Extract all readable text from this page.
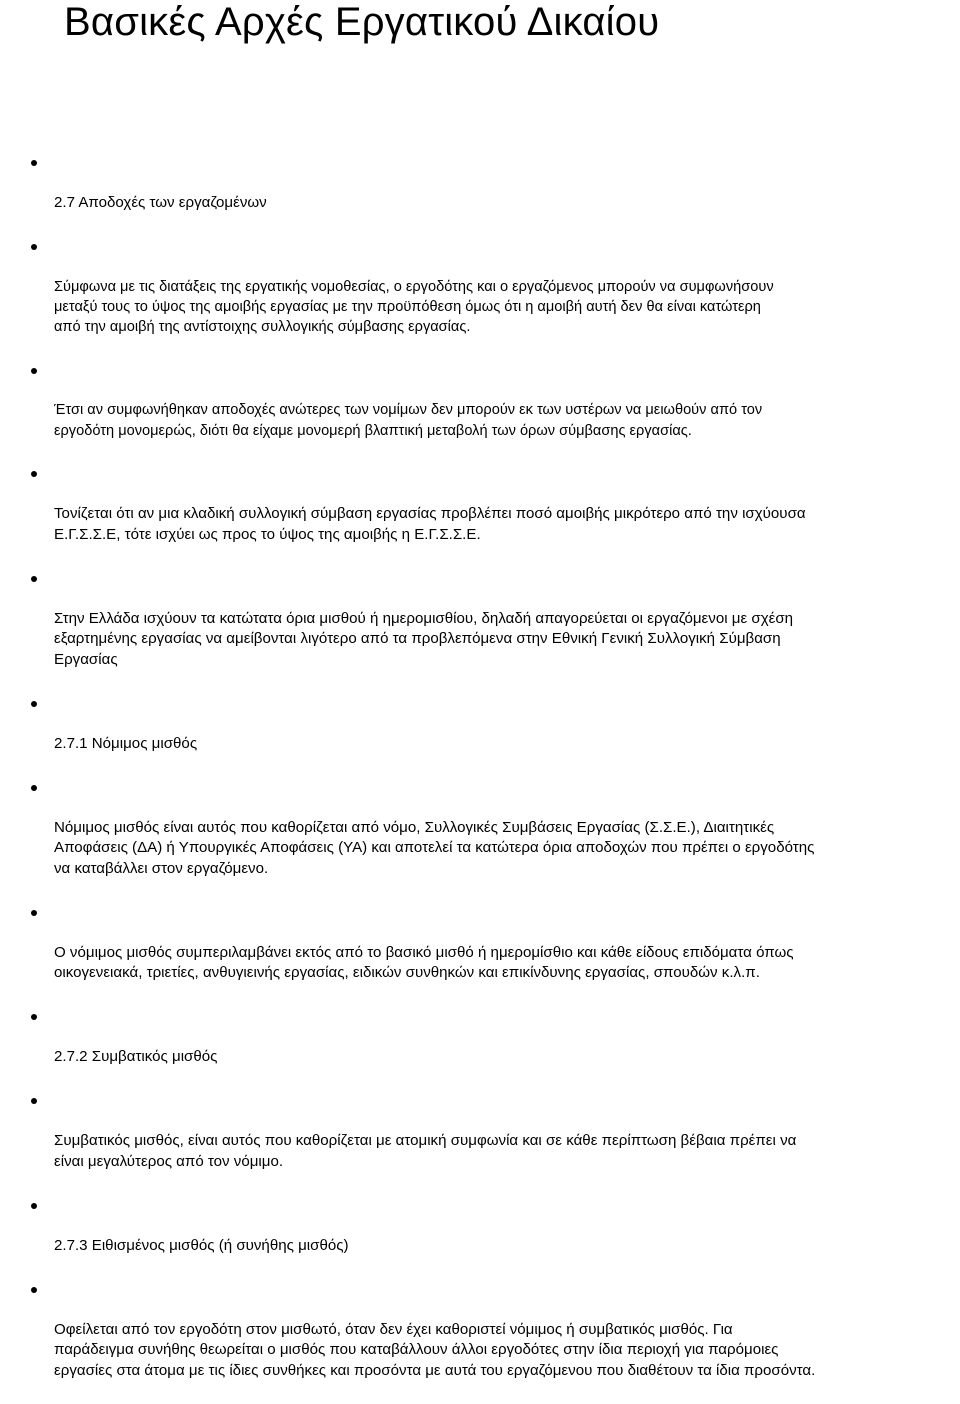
Βασικές Αρχές Εργατικού Δικαίου

2.7 Αποδοχές των εργαζομένων

Σύμφωνα με τις διατάξεις της εργατικής νομοθεσίας, ο εργοδότης και ο εργαζόμενος μπορούν να συμφωνήσουν
μεταξύ τους το ύψος της αμοιβής εργασίας με την προϋπόθεση όμως ότι η αμοιβή αυτή δεν θα είναι κατώτερη
από την αμοιβή της αντίστοιχης συλλογικής σύμβασης εργασίας.

Έτσι αν συμφωνήθηκαν αποδοχές ανώτερες των νομίμων δεν μπορούν εκ των υστέρων να μειωθούν από τον
εργοδότη μονομερώς, διότι θα είχαμε μονομερή βλαπτική μεταβολή των όρων σύμβασης εργασίας.

Τονίζεται ότι αν μια κλαδική συλλογική σύμβαση εργασίας προβλέπει ποσό αμοιβής μικρότερο από την ισχύουσα
Ε.Γ.Σ.Σ.Ε, τότε ισχύει ως προς το ύψος της αμοιβής η Ε.Γ.Σ.Σ.Ε.

Στην Ελλάδα ισχύουν τα κατώτατα όρια μισθού ή ημερομισθίου, δηλαδή απαγορεύεται οι εργαζόμενοι με σχέση
εξαρτημένης εργασίας να αμείβονται λιγότερο από τα προβλεπόμενα στην Εθνική Γενική Συλλογική Σύμβαση
Εργασίας

2.7.1 Νόμιμος μισθός

Νόμιμος μισθός είναι αυτός που καθορίζεται από νόμο, Συλλογικές Συμβάσεις Εργασίας (Σ.Σ.Ε.), Διαιτητικές
Αποφάσεις (ΔΑ) ή Υπουργικές Αποφάσεις (ΥΑ) και αποτελεί τα κατώτερα όρια αποδοχών που πρέπει ο εργοδότης
να καταβάλλει στον εργαζόμενο.

Ο νόμιμος μισθός συμπεριλαμβάνει εκτός από το βασικό μισθό ή ημερομίσθιο και κάθε είδους επιδόματα όπως
οικογενειακά, τριετίες, ανθυγιεινής εργασίας, ειδικών συνθηκών και επικίνδυνης εργασίας, σπουδών κ.λ.π.

2.7.2 Συμβατικός μισθός

Συμβατικός μισθός, είναι αυτός που καθορίζεται με ατομική συμφωνία και σε κάθε περίπτωση βέβαια πρέπει να
είναι μεγαλύτερος από τον νόμιμο.

2.7.3 Ειθισμένος μισθός (ή συνήθης μισθός)

Οφείλεται από τον εργοδότη στον μισθωτό, όταν δεν έχει καθοριστεί νόμιμος ή συμβατικός μισθός. Για
παράδειγμα συνήθης θεωρείται ο μισθός που καταβάλλουν άλλοι εργοδότες στην ίδια περιοχή για παρόμοιες
εργασίες στα άτομα με τις ίδιες συνθήκες και προσόντα με αυτά του εργαζόμενου που διαθέτουν τα ίδια προσόντα.
